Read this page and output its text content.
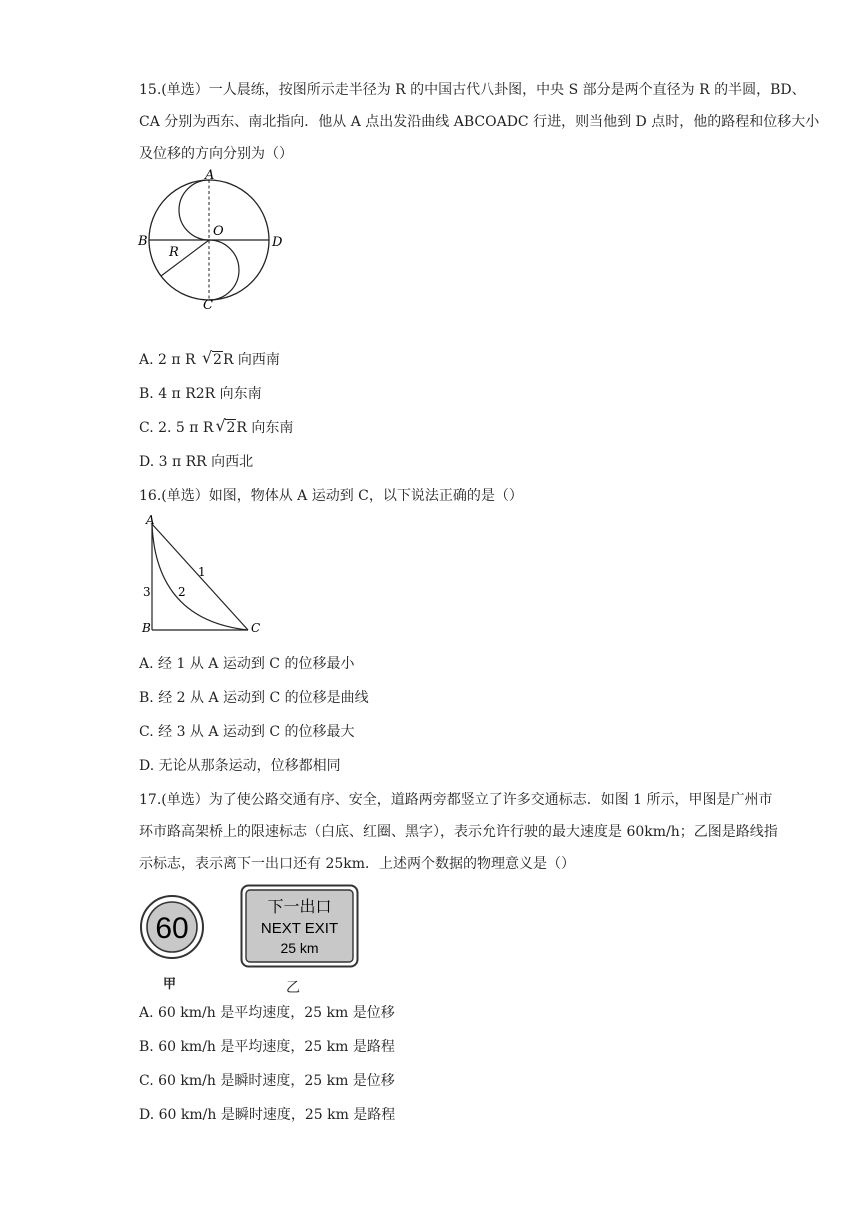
15.(单选）一人晨练，按图所示走半径为 R 的中国古代八卦图，中央 S 部分是两个直径为 R 的半圆，BD、
CA 分别为西东、南北指向．他从 A 点出发沿曲线 ABCOADC 行进，则当他到 D 点时，他的路程和位移大小
及位移的方向分别为（）
A
B
O
D
R
C
A. 2 π R √ 2R 向西南
B. 4 π R2R 向东南
C. 2. 5 π R √ 2R 向东南
D. 3 π RR 向西北
16.(单选）如图，物体从 A 运动到 C，以下说法正确的是（）
A
B	C
1
2
3
A. 经 1 从 A 运动到 C 的位移最小
B. 经 2 从 A 运动到 C 的位移是曲线
C. 经 3 从 A 运动到 C 的位移最大
D. 无论从那条运动，位移都相同
17.(单选）为了使公路交通有序、安全，道路两旁都竖立了许多交通标志．如图 1 所示，甲图是广州市
环市路高架桥上的限速标志（白底、红圈、黑字），表示允许行驶的最大速度是 60km/h；乙图是路线指
示标志，表示离下一出口还有 25km．上述两个数据的物理意义是（）
60
甲
下一出口
NEXT EXIT
25 km
乙
A. 60 km/h 是平均速度，25 km 是位移
B. 60 km/h 是平均速度，25 km 是路程
C. 60 km/h 是瞬时速度，25 km 是位移
D. 60 km/h 是瞬时速度，25 km 是路程
